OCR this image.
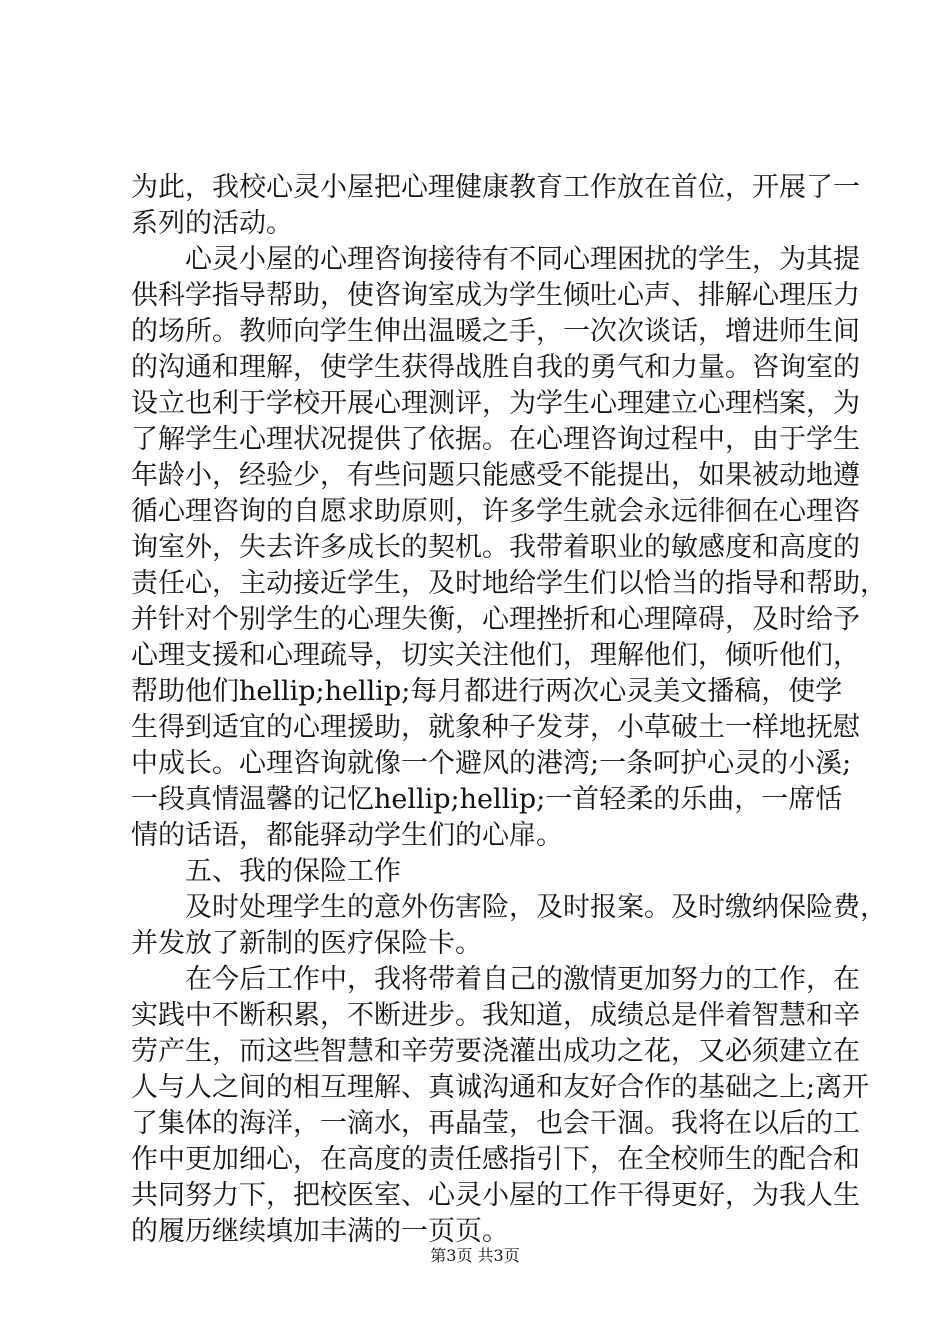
为此，我校心灵小屋把心理健康教育工作放在首位，开展了一
系列的活动。
心灵小屋的心理咨询接待有不同心理困扰的学生，为其提
供科学指导帮助，使咨询室成为学生倾吐心声、排解心理压力
的场所。教师向学生伸出温暖之手，一次次谈话，增进师生间
的沟通和理解，使学生获得战胜自我的勇气和力量。咨询室的
设立也利于学校开展心理测评，为学生心理建立心理档案，为
了解学生心理状况提供了依据。在心理咨询过程中，由于学生
年龄小，经验少，有些问题只能感受不能提出，如果被动地遵
循心理咨询的自愿求助原则，许多学生就会永远徘徊在心理咨
询室外，失去许多成长的契机。我带着职业的敏感度和高度的
责任心，主动接近学生，及时地给学生们以恰当的指导和帮助，
并针对个别学生的心理失衡，心理挫折和心理障碍，及时给予
心理支援和心理疏导，切实关注他们，理解他们，倾听他们，
帮助他们hellip;hellip;每月都进行两次心灵美文播稿，使学
生得到适宜的心理援助，就象种子发芽，小草破土一样地抚慰
中成长。心理咨询就像一个避风的港湾;一条呵护心灵的小溪;
一段真情温馨的记忆hellip;hellip;一首轻柔的乐曲，一席恬
情的话语，都能驿动学生们的心扉。
五、我的保险工作
及时处理学生的意外伤害险，及时报案。及时缴纳保险费，
并发放了新制的医疗保险卡。
在今后工作中，我将带着自己的激情更加努力的工作，在
实践中不断积累，不断进步。我知道，成绩总是伴着智慧和辛
劳产生，而这些智慧和辛劳要浇灌出成功之花，又必须建立在
人与人之间的相互理解、真诚沟通和友好合作的基础之上;离开
了集体的海洋，一滴水，再晶莹，也会干涸。我将在以后的工
作中更加细心，在高度的责任感指引下，在全校师生的配合和
共同努力下，把校医室、心灵小屋的工作干得更好，为我人生
的履历继续填加丰满的一页页。
第3页 共3页
